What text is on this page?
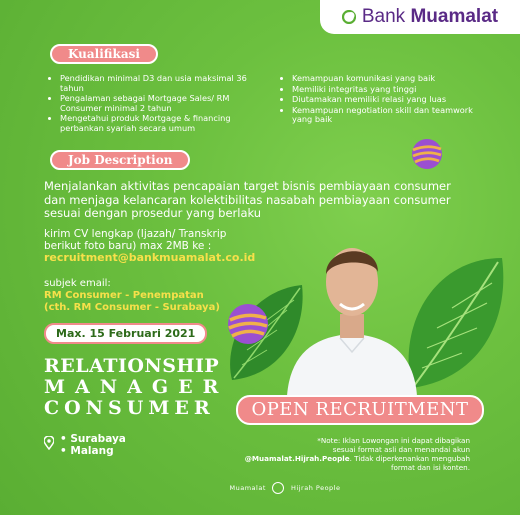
Bank Muamalat
Kualifikasi
• Pendidikan minimal D3 dan usia maksimal 36 tahun
• Pengalaman sebagai Mortgage Sales/ RM Consumer minimal 2 tahun
• Mengetahui produk Mortgage & financing perbankan syariah secara umum
• Kemampuan komunikasi yang baik
• Memiliki integritas yang tinggi
• Diutamakan memiliki relasi yang luas
• Kemampuan negotiation skill dan teamwork yang baik
Job Description
Menjalankan aktivitas pencapaian target bisnis pembiayaan consumer dan menjaga kelancaran kolektibilitas nasabah pembiayaan consumer sesuai dengan prosedur yang berlaku
kirim CV lengkap (Ijazah/ Transkrip
berikut foto baru) max 2MB ke :
recruitment@bankmuamalat.co.id
subjek email:
RM Consumer - Penempatan
(cth. RM Consumer - Surabaya)
Max. 15 Februari 2021
RELATIONSHIP
MANAGER
CONSUMER
• Surabaya
• Malang
OPEN RECRUITMENT
*Note: Iklan Lowongan ini dapat dibagikan
sesuai format asli dan menandai akun
@Muamalat.Hijrah.People. Tidak diperkenankan mengubah
format dan isi konten.
Muamalat	Hijrah People
